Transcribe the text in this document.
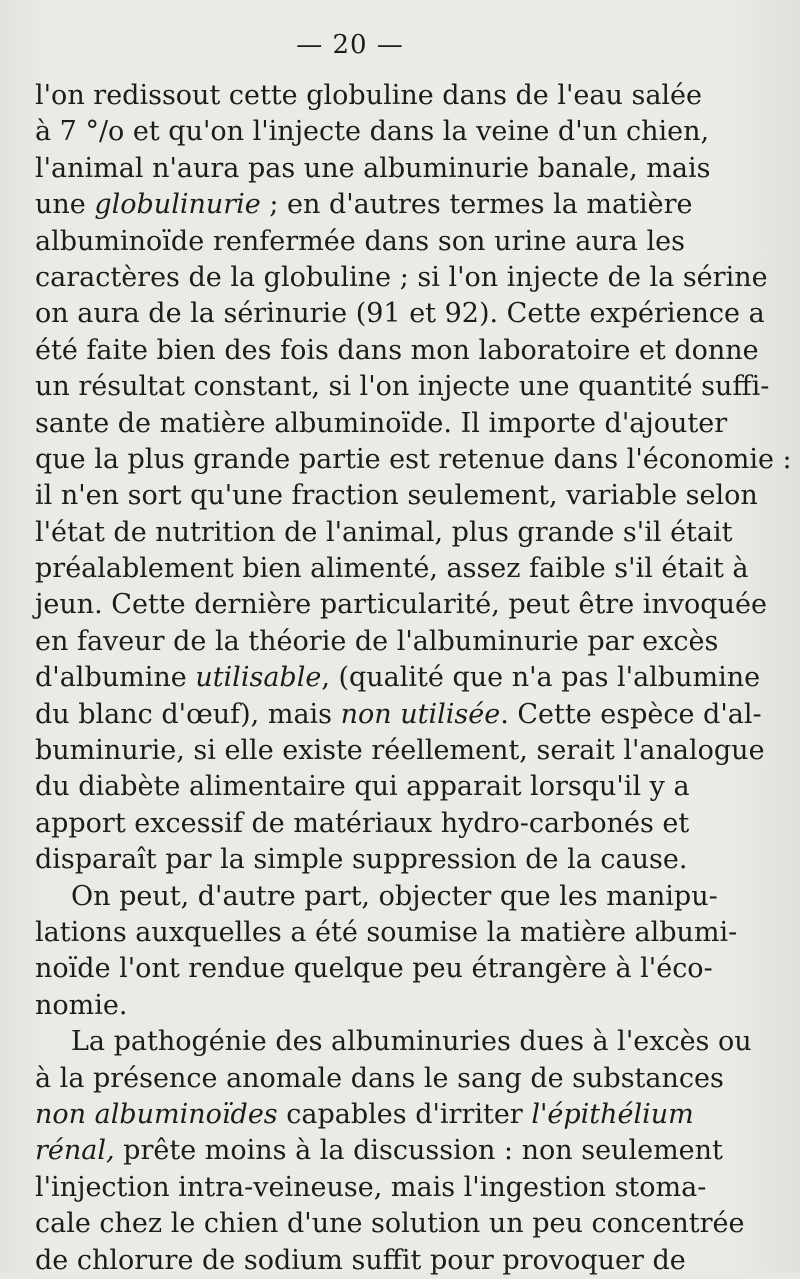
— 20 —
l'on redissout cette globuline dans de l'eau salée
à 7 °/o et qu'on l'injecte dans la veine d'un chien,
l'animal n'aura pas une albuminurie banale, mais
une globulinurie ; en d'autres termes la matière
albuminoïde renfermée dans son urine aura les
caractères de la globuline ; si l'on injecte de la sérine
on aura de la sérinurie (91 et 92). Cette expérience a
été faite bien des fois dans mon laboratoire et donne
un résultat constant, si l'on injecte une quantité suffi-
sante de matière albuminoïde. Il importe d'ajouter
que la plus grande partie est retenue dans l'économie :
il n'en sort qu'une fraction seulement, variable selon
l'état de nutrition de l'animal, plus grande s'il était
préalablement bien alimenté, assez faible s'il était à
jeun. Cette dernière particularité, peut être invoquée
en faveur de la théorie de l'albuminurie par excès
d'albumine utilisable, (qualité que n'a pas l'albumine
du blanc d'œuf), mais non utilisée. Cette espèce d'al-
buminurie, si elle existe réellement, serait l'analogue
du diabète alimentaire qui apparait lorsqu'il y a
apport excessif de matériaux hydro-carbonés et
disparaît par la simple suppression de la cause.
On peut, d'autre part, objecter que les manipu-
lations auxquelles a été soumise la matière albumi-
noïde l'ont rendue quelque peu étrangère à l'éco-
nomie.
La pathogénie des albuminuries dues à l'excès ou
à la présence anomale dans le sang de substances
non albuminoïdes capables d'irriter l'épithélium
rénal, prête moins à la discussion : non seulement
l'injection intra-veineuse, mais l'ingestion stoma-
cale chez le chien d'une solution un peu concentrée
de chlorure de sodium suffit pour provoquer de
